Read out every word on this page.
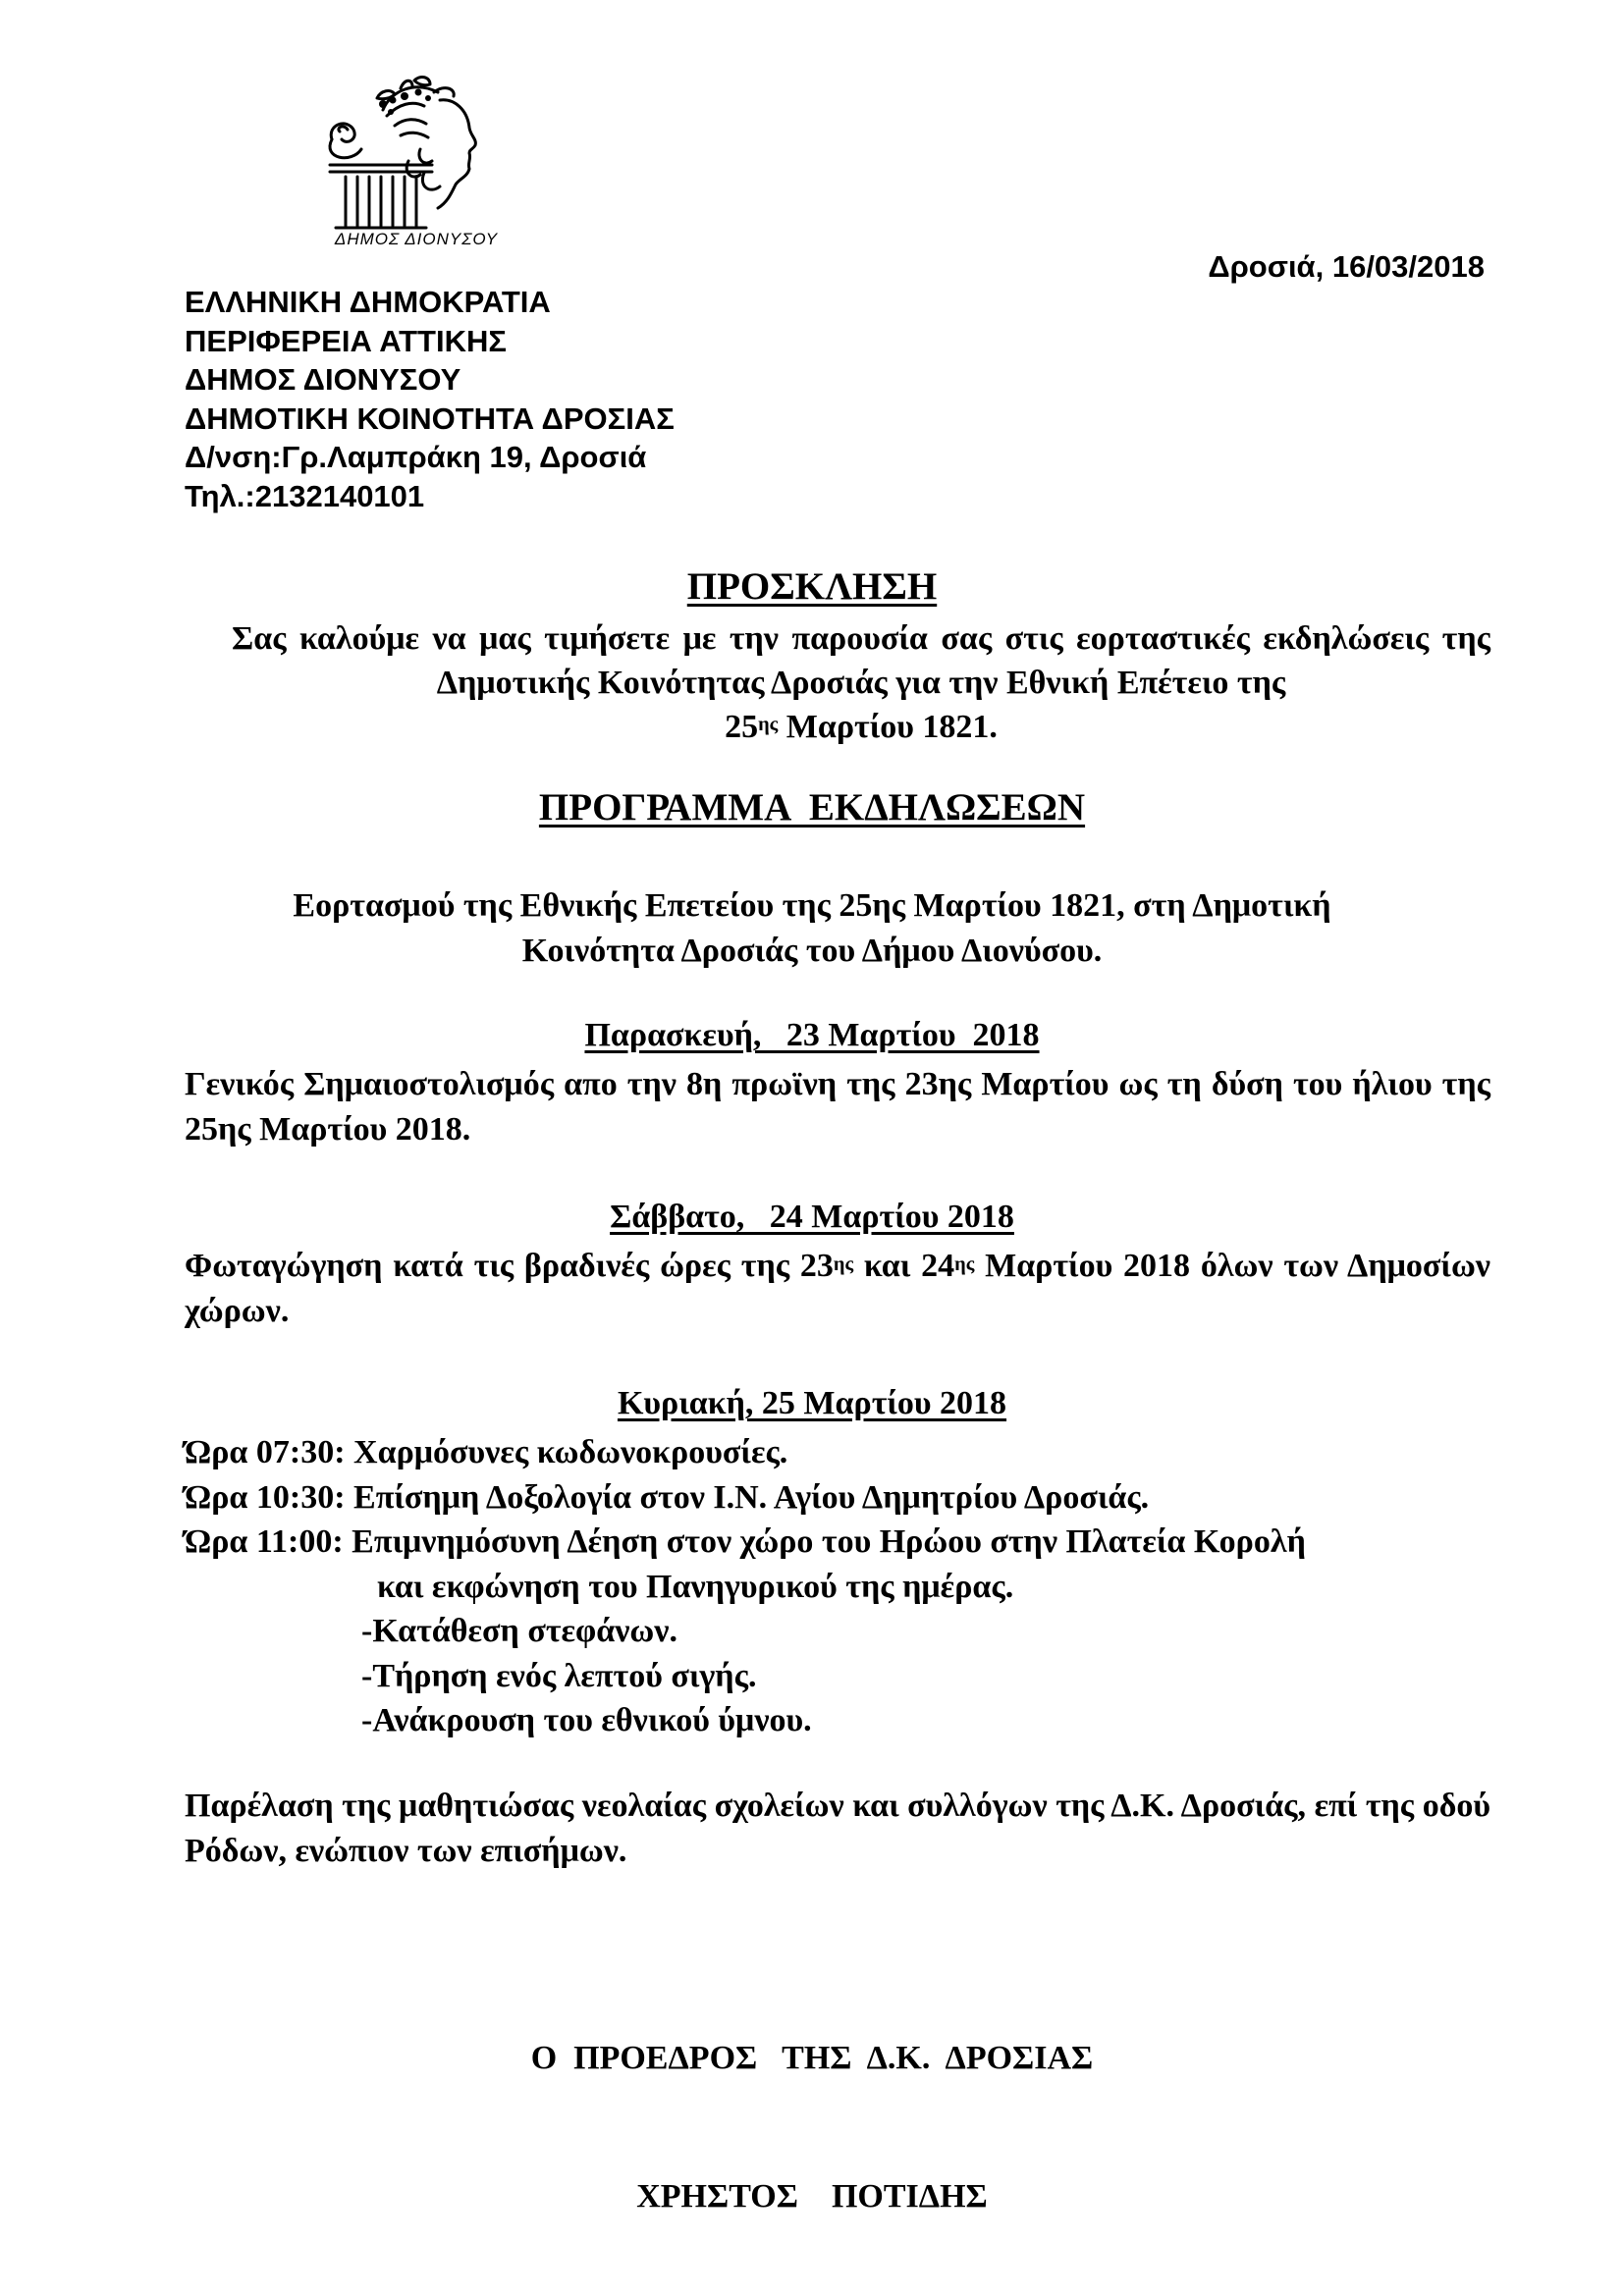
ΔΗΜΟΣ ΔΙΟΝΥΣΟΥ
Δροσιά, 16/03/2018
ΕΛΛΗΝΙΚΗ ΔΗΜΟΚΡΑΤΙΑ
ΠΕΡΙΦΕΡΕΙΑ ΑΤΤΙΚΗΣ
ΔΗΜΟΣ ΔΙΟΝΥΣΟΥ
ΔΗΜΟΤΙΚΗ ΚΟΙΝΟΤΗΤΑ ΔΡΟΣΙΑΣ
Δ/νση:Γρ.Λαμπράκη 19, Δροσιά
Τηλ.:2132140101
ΠΡΟΣΚΛΗΣΗ
Σας καλούμε να μας τιμήσετε με την παρουσία σας στις εορταστικές εκδηλώσεις της Δημοτικής Κοινότητας Δροσιάς για την Εθνική Επέτειο της
$25^{\eta\varsigma}$ Μαρτίου 1821.
ΠΡΟΓΡΑΜΜΑ ΕΚΔΗΛΩΣΕΩΝ
Εορτασμού της Εθνικής Επετείου της 25ης Μαρτίου 1821, στη Δημοτική
Κοινότητα Δροσιάς του Δήμου Διονύσου.
Παρασκευή,   23 Μαρτίου  2018
Γενικός Σημαιοστολισμός απο την 8η πρωϊνη της 23ης Μαρτίου ως τη δύση του ήλιου της 25ης Μαρτίου 2018.
Σάββατο,   24 Μαρτίου 2018
Φωταγώγηση κατά τις βραδινές ώρες της $23^{\eta\varsigma}$ και $24^{\eta\varsigma}$ Μαρτίου 2018 όλων των Δημοσίων χώρων.
Κυριακή, 25 Μαρτίου 2018
Ώρα 07:30: Χαρμόσυνες κωδωνοκρουσίες.
Ώρα 10:30: Επίσημη Δοξολογία στον Ι.Ν. Αγίου Δημητρίου Δροσιάς.
Ώρα 11:00: Επιμνημόσυνη Δέηση στον χώρο του Ηρώου στην Πλατεία Κορολή
και εκφώνηση του Πανηγυρικού της ημέρας.
-Κατάθεση στεφάνων.
-Τήρηση ενός λεπτού σιγής.
-Ανάκρουση του εθνικού ύμνου.
Παρέλαση της μαθητιώσας νεολαίας σχολείων και συλλόγων της Δ.Κ. Δροσιάς, επί της οδού Ρόδων, ενώπιον των επισήμων.

Ο  ΠΡΟΕΔΡΟΣ   ΤΗΣ  Δ.Κ.  ΔΡΟΣΙΑΣ

ΧΡΗΣΤΟΣ    ΠΟΤΙΔΗΣ
